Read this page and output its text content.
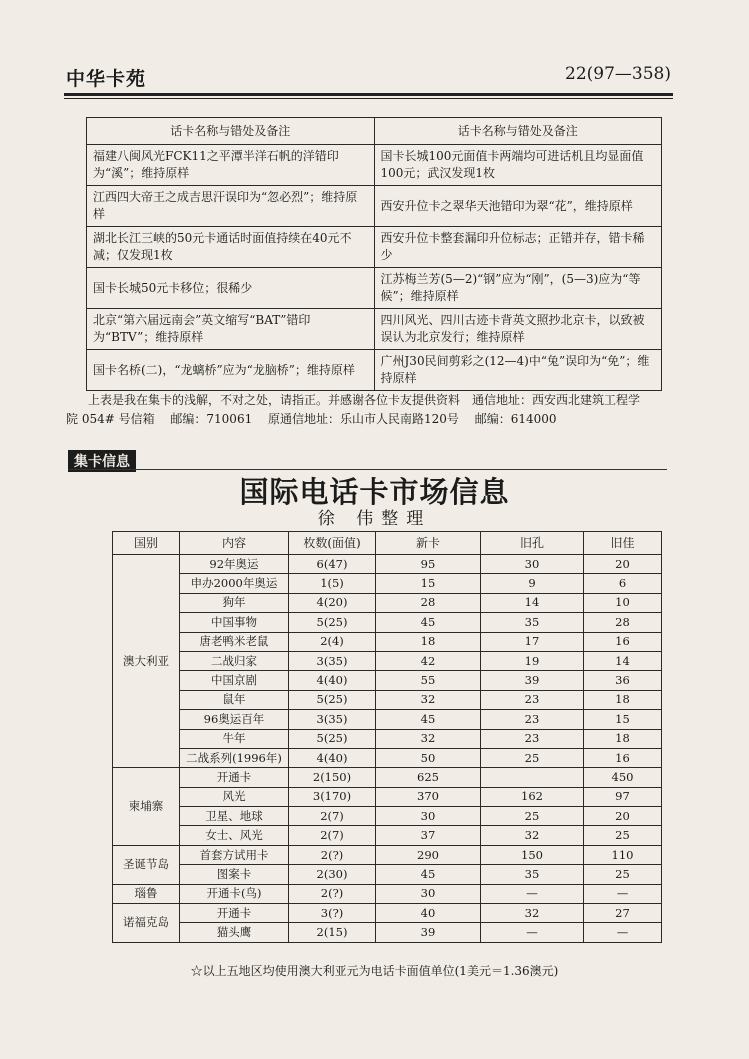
中华卡苑	22(97—358)
话卡名称与错处及备注	话卡名称与错处及备注
福建八闽风光FCK11之平潭半洋石帆的洋错印为“溪”；维持原样	国卡长城100元面值卡两端均可进话机且均显面值100元；武汉发现1枚
江西四大帝王之成吉思汗误印为“忽必烈”；维持原样	西安升位卡之翠华天池错印为翠“花”，维持原样
湖北长江三峡的50元卡通话时面值持续在40元不减；仅发现1枚	西安升位卡整套漏印升位标志；正错并存，错卡稀少
国卡长城50元卡移位；很稀少	江苏梅兰芳(5—2)“钢”应为“刚”，(5—3)应为“等候”；维持原样
北京“第六届远南会”英文缩写“BAT”错印为“BTV”；维持原样	四川风光、四川古迹卡背英文照抄北京卡，以致被误认为北京发行；维持原样
国卡名桥(二)，“龙螭桥”应为“龙脑桥”；维持原样	广州J30民间剪彩之(12—4)中“兔”误印为“免”；维持原样

上表是我在集卡的浅解，不对之处，请指正。并感谢各位卡友提供资料　通信地址：西安西北建筑工程学

院 054# 号信箱　 邮编：710061　 原通信地址：乐山市人民南路120号　 邮编：614000

集卡信息
国际电话卡市场信息
徐 伟整理
国别	内容	枚数(面值)	新卡	旧孔	旧佳
澳大利亚	92年奥运	6(47)	95	30	20
	申办2000年奥运	1(5)	15	9	6
	狗年	4(20)	28	14	10
	中国事物	5(25)	45	35	28
	唐老鸭米老鼠	2(4)	18	17	16
	二战归家	3(35)	42	19	14
	中国京剧	4(40)	55	39	36
	鼠年	5(25)	32	23	18
	96奥运百年	3(35)	45	23	15
	牛年	5(25)	32	23	18
	二战系列(1996年)	4(40)	50	25	16
柬埔寨	开通卡	2(150)	625		450
	风光	3(170)	370	162	97
	卫星、地球	2(7)	30	25	20
	女士、风光	2(7)	37	32	25
圣诞节岛	首套方试用卡	2(?)	290	150	110
	图案卡	2(30)	45	35	25
瑙鲁	开通卡(鸟)	2(?)	30	—	—
诺福克岛	开通卡	3(?)	40	32	27
	猫头鹰	2(15)	39	—	—
☆以上五地区均使用澳大利亚元为电话卡面值单位(1美元＝1.36澳元)
